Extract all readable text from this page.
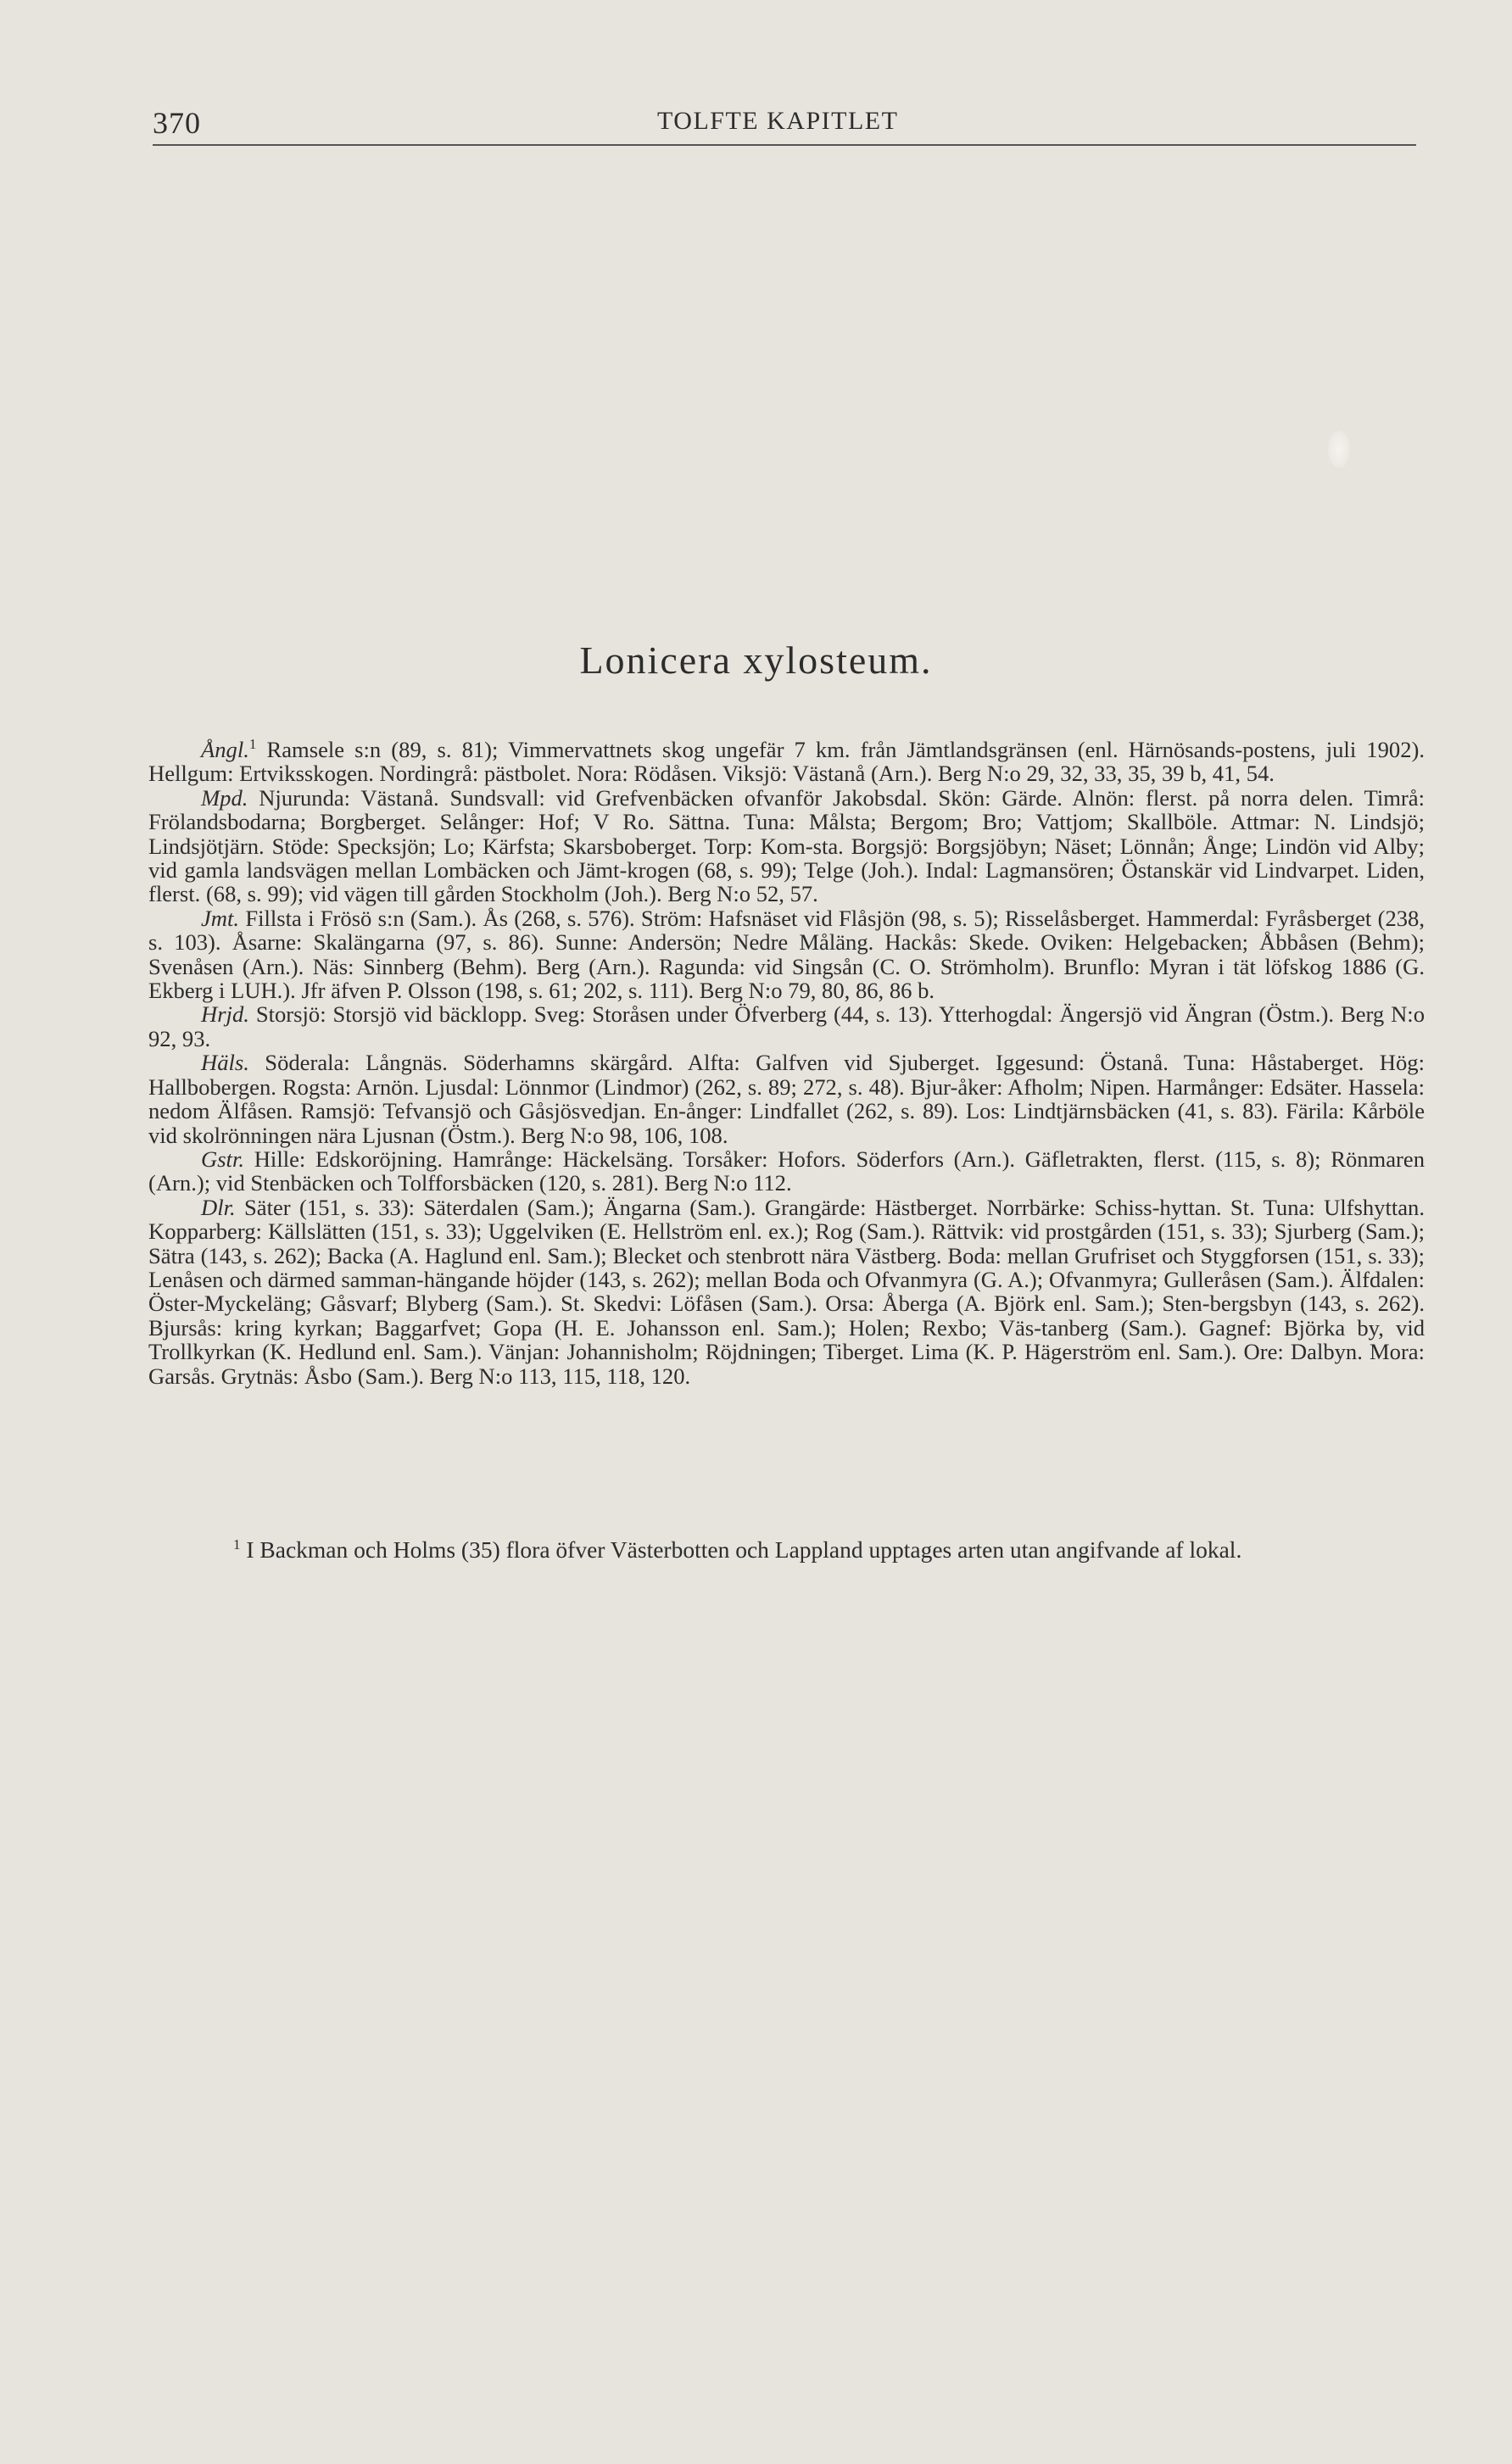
370	TOLFTE KAPITLET
Lonicera xylosteum.

Ångl.$^1$ Ramsele s:n (89, s. 81); Vimmervattnets skog ungefär 7 km. från Jämtlandsgränsen (enl. Härnösands-postens, juli 1902). Hellgum: Ertviksskogen. Nordingrå: pästbolet. Nora: Rödåsen. Viksjö: Västanå (Arn.). Berg N:o 29, 32, 33, 35, 39 b, 41, 54.

Mpd. Njurunda: Västanå. Sundsvall: vid Grefvenbäcken ofvanför Jakobsdal. Skön: Gärde. Alnön: flerst. på norra delen. Timrå: Frölandsbodarna; Borgberget. Selånger: Hof; V Ro. Sättna. Tuna: Målsta; Bergom; Bro; Vattjom; Skallböle. Attmar: N. Lindsjö; Lindsjötjärn. Stöde: Specksjön; Lo; Kärfsta; Skarsboberget. Torp: Kom-sta. Borgsjö: Borgsjöbyn; Näset; Lönnån; Ånge; Lindön vid Alby; vid gamla landsvägen mellan Lombäcken och Jämt-krogen (68, s. 99); Telge (Joh.). Indal: Lagmansören; Östanskär vid Lindvarpet. Liden, flerst. (68, s. 99); vid vägen till gården Stockholm (Joh.). Berg N:o 52, 57.

Jmt. Fillsta i Frösö s:n (Sam.). Ås (268, s. 576). Ström: Hafsnäset vid Flåsjön (98, s. 5); Risselåsberget. Hammerdal: Fyråsberget (238, s. 103). Åsarne: Skalängarna (97, s. 86). Sunne: Andersön; Nedre Måläng. Hackås: Skede. Oviken: Helgebacken; Åbbåsen (Behm); Svenåsen (Arn.). Näs: Sinnberg (Behm). Berg (Arn.). Ragunda: vid Singsån (C. O. Strömholm). Brunflo: Myran i tät löfskog 1886 (G. Ekberg i LUH.). Jfr äfven P. Olsson (198, s. 61; 202, s. 111). Berg N:o 79, 80, 86, 86 b.

Hrjd. Storsjö: Storsjö vid bäcklopp. Sveg: Storåsen under Öfverberg (44, s. 13). Ytterhogdal: Ängersjö vid Ängran (Östm.). Berg N:o 92, 93.

Häls. Söderala: Långnäs. Söderhamns skärgård. Alfta: Galfven vid Sjuberget. Iggesund: Östanå. Tuna: Håstaberget. Hög: Hallbobergen. Rogsta: Arnön. Ljusdal: Lönnmor (Lindmor) (262, s. 89; 272, s. 48). Bjur-åker: Afholm; Nipen. Harmånger: Edsäter. Hassela: nedom Älfåsen. Ramsjö: Tefvansjö och Gåsjösvedjan. En-ånger: Lindfallet (262, s. 89). Los: Lindtjärnsbäcken (41, s. 83). Färila: Kårböle vid skolrönningen nära Ljusnan (Östm.). Berg N:o 98, 106, 108.

Gstr. Hille: Edskoröjning. Hamrånge: Häckelsäng. Torsåker: Hofors. Söderfors (Arn.). Gäfletrakten, flerst. (115, s. 8); Rönmaren (Arn.); vid Stenbäcken och Tolfforsbäcken (120, s. 281). Berg N:o 112.

Dlr. Säter (151, s. 33): Säterdalen (Sam.); Ängarna (Sam.). Grangärde: Hästberget. Norrbärke: Schiss-hyttan. St. Tuna: Ulfshyttan. Kopparberg: Källslätten (151, s. 33); Uggelviken (E. Hellström enl. ex.); Rog (Sam.). Rättvik: vid prostgården (151, s. 33); Sjurberg (Sam.); Sätra (143, s. 262); Backa (A. Haglund enl. Sam.); Blecket och stenbrott nära Västberg. Boda: mellan Grufriset och Styggforsen (151, s. 33); Lenåsen och därmed samman-hängande höjder (143, s. 262); mellan Boda och Ofvanmyra (G. A.); Ofvanmyra; Gulleråsen (Sam.). Älfdalen: Öster-Myckeläng; Gåsvarf; Blyberg (Sam.). St. Skedvi: Löfåsen (Sam.). Orsa: Åberga (A. Björk enl. Sam.); Sten-bergsbyn (143, s. 262). Bjursås: kring kyrkan; Baggarfvet; Gopa (H. E. Johansson enl. Sam.); Holen; Rexbo; Väs-tanberg (Sam.). Gagnef: Björka by, vid Trollkyrkan (K. Hedlund enl. Sam.). Vänjan: Johannisholm; Röjdningen; Tiberget. Lima (K. P. Hägerström enl. Sam.). Ore: Dalbyn. Mora: Garsås. Grytnäs: Åsbo (Sam.). Berg N:o 113, 115, 118, 120.

$^1$ I Backman och Holms (35) flora öfver Västerbotten och Lappland upptages arten utan angifvande af lokal.
